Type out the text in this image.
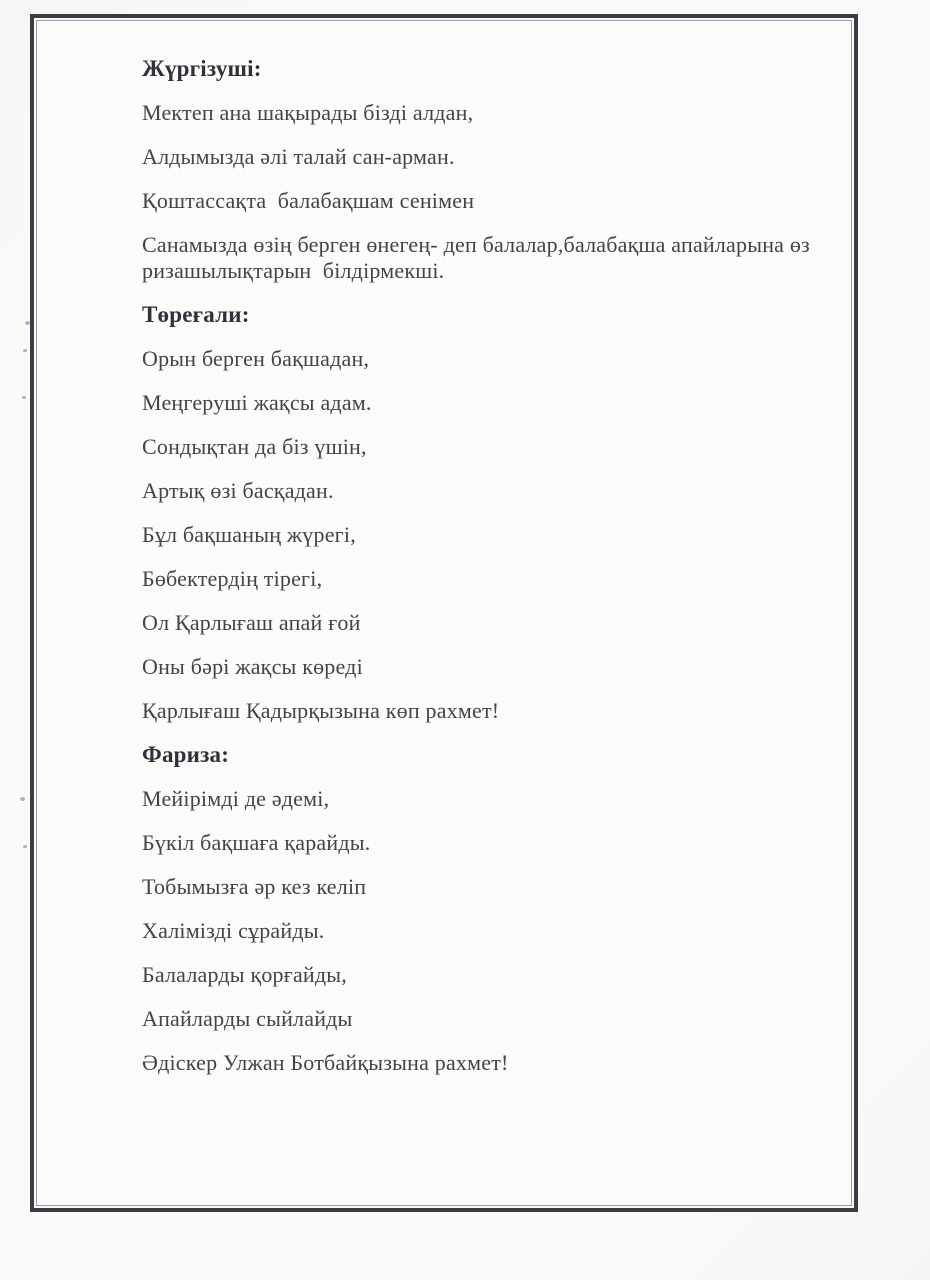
Жүргізуші:

Мектеп ана шақырады бізді алдан,

Алдымызда әлі талай сан-арман.

Қоштассақта  балабақшам сенімен

Санамызда өзің берген өнегең- деп балалар,балабақша апайларына өз ризашылықтарын  білдірмекші.

Төреғали:

Орын берген бақшадан,

Меңгеруші жақсы адам.

Сондықтан да біз үшін,

Артық өзі басқадан.

Бұл бақшаның жүрегі,

Бөбектердің тірегі,

Ол Қарлығаш апай ғой

Оны бәрі жақсы көреді

Қарлығаш Қадырқызына көп рахмет!

Фариза:

Мейірімді де әдемі,

Бүкіл бақшаға қарайды.

Тобымызға әр кез келіп

Халімізді сұрайды.

Балаларды қорғайды,

Апайларды сыйлайды

Әдіскер Улжан Ботбайқызына рахмет!
